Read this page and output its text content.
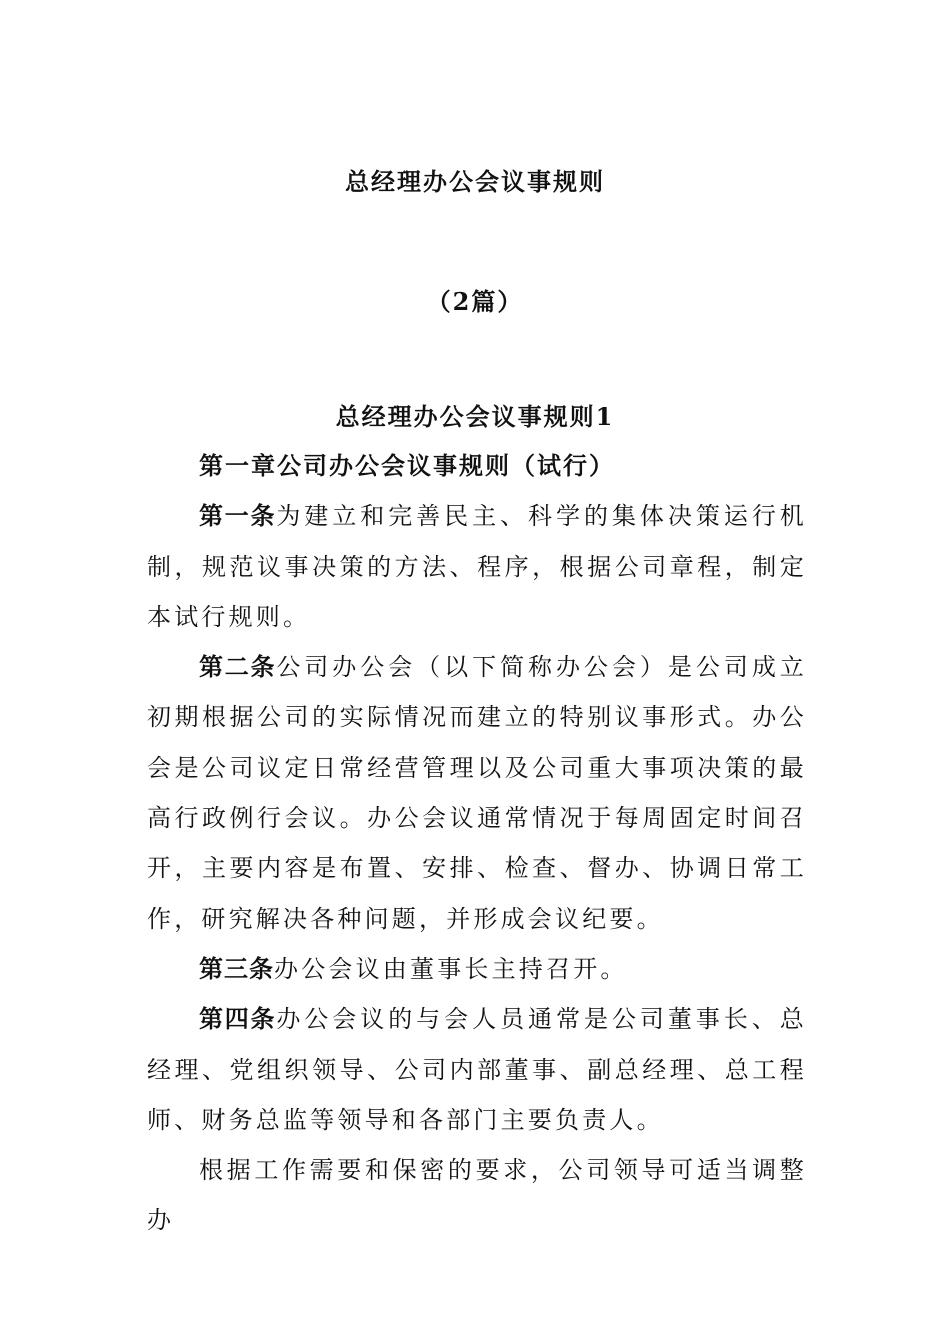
总经理办公会议事规则
（2篇）
总经理办公会议事规则1

第一章公司办公会议事规则（试行）

第一条为建立和完善民主、科学的集体决策运行机制，规范议事决策的方法、程序，根据公司章程，制定本试行规则。

第二条公司办公会（以下简称办公会）是公司成立初期根据公司的实际情况而建立的特别议事形式。办公会是公司议定日常经营管理以及公司重大事项决策的最高行政例行会议。办公会议通常情况于每周固定时间召开，主要内容是布置、安排、检查、督办、协调日常工作，研究解决各种问题，并形成会议纪要。

第三条办公会议由董事长主持召开。

第四条办公会议的与会人员通常是公司董事长、总经理、党组织领导、公司内部董事、副总经理、总工程师、财务总监等领导和各部门主要负责人。

根据工作需要和保密的要求，公司领导可适当调整办
